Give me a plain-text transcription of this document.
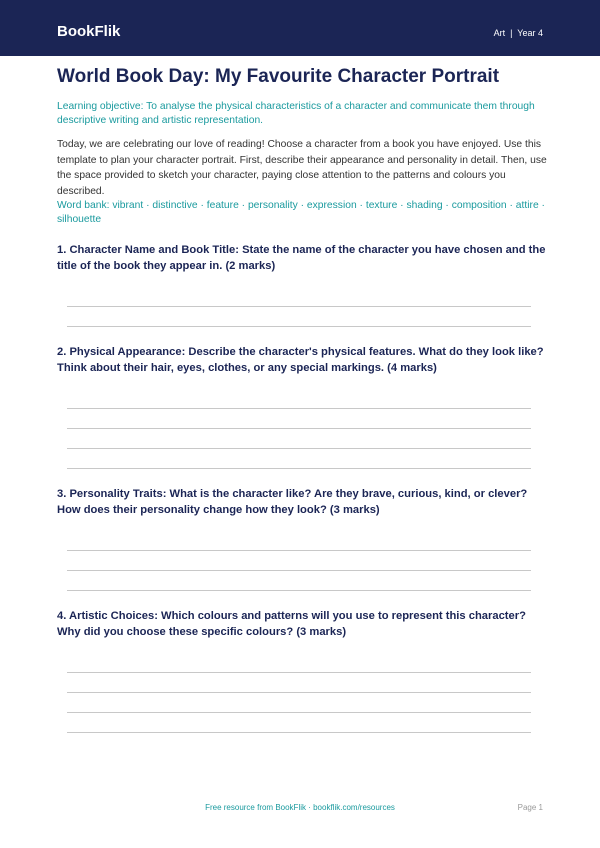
BookFlik	Art  |  Year 4
World Book Day: My Favourite Character Portrait

Learning objective: To analyse the physical characteristics of a character and communicate them through descriptive writing and artistic representation.

Today, we are celebrating our love of reading! Choose a character from a book you have enjoyed. Use this template to plan your character portrait. First, describe their appearance and personality in detail. Then, use the space provided to sketch your character, paying close attention to the patterns and colours you described.

Word bank: vibrant · distinctive · feature · personality · expression · texture · shading · composition · attire · silhouette

1. Character Name and Book Title: State the name of the character you have chosen and the title of the book they appear in. (2 marks)

2. Physical Appearance: Describe the character's physical features. What do they look like? Think about their hair, eyes, clothes, or any special markings. (4 marks)

3. Personality Traits: What is the character like? Are they brave, curious, kind, or clever? How does their personality change how they look? (3 marks)

4. Artistic Choices: Which colours and patterns will you use to represent this character? Why did you choose these specific colours? (3 marks)

Free resource from BookFlik · bookflik.com/resources	Page 1
